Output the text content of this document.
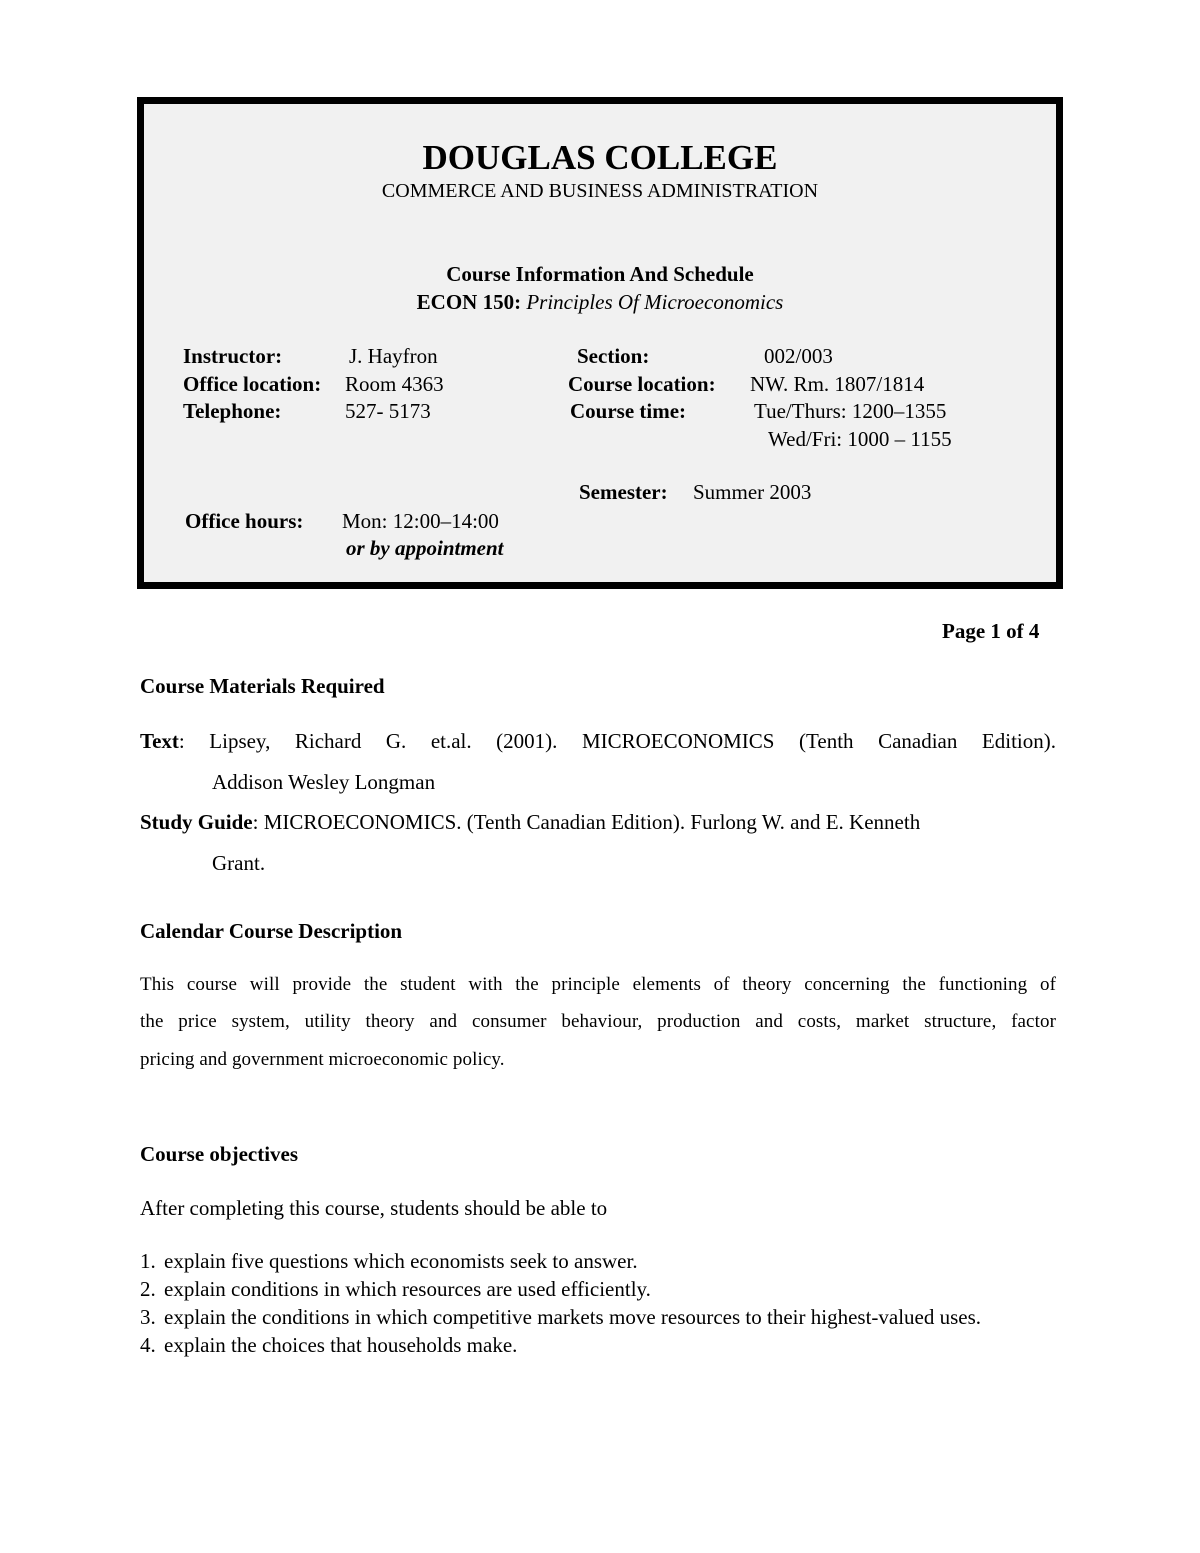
DOUGLAS COLLEGE
COMMERCE AND BUSINESS ADMINISTRATION
Course Information And Schedule
ECON 150: Principles Of Microeconomics
Instructor:	J. Hayfron
Office location: Room 4363
Telephone:	527- 5173
Section:	002/003
Course location: NW. Rm. 1807/1814
Course time:	Tue/Thurs: 1200–1355
Wed/Fri: 1000 – 1155
Semester: Summer 2003
Office hours: Mon: 12:00–14:00
or by appointment
Page 1 of 4
Course Materials Required
Text: Lipsey, Richard G. et.al. (2001). MICROECONOMICS (Tenth Canadian Edition).
Addison Wesley Longman
Study Guide: MICROECONOMICS. (Tenth Canadian Edition). Furlong W. and E. Kenneth
Grant.
Calendar Course Description
This course will provide the student with the principle elements of theory concerning the functioning of
the price system, utility theory and consumer behaviour, production and costs, market structure, factor
pricing and government microeconomic policy.
Course objectives
After completing this course, students should be able to
1. explain five questions which economists seek to answer.
2. explain conditions in which resources are used efficiently.
3. explain the conditions in which competitive markets move resources to their highest-valued uses.
4. explain the choices that households make.
